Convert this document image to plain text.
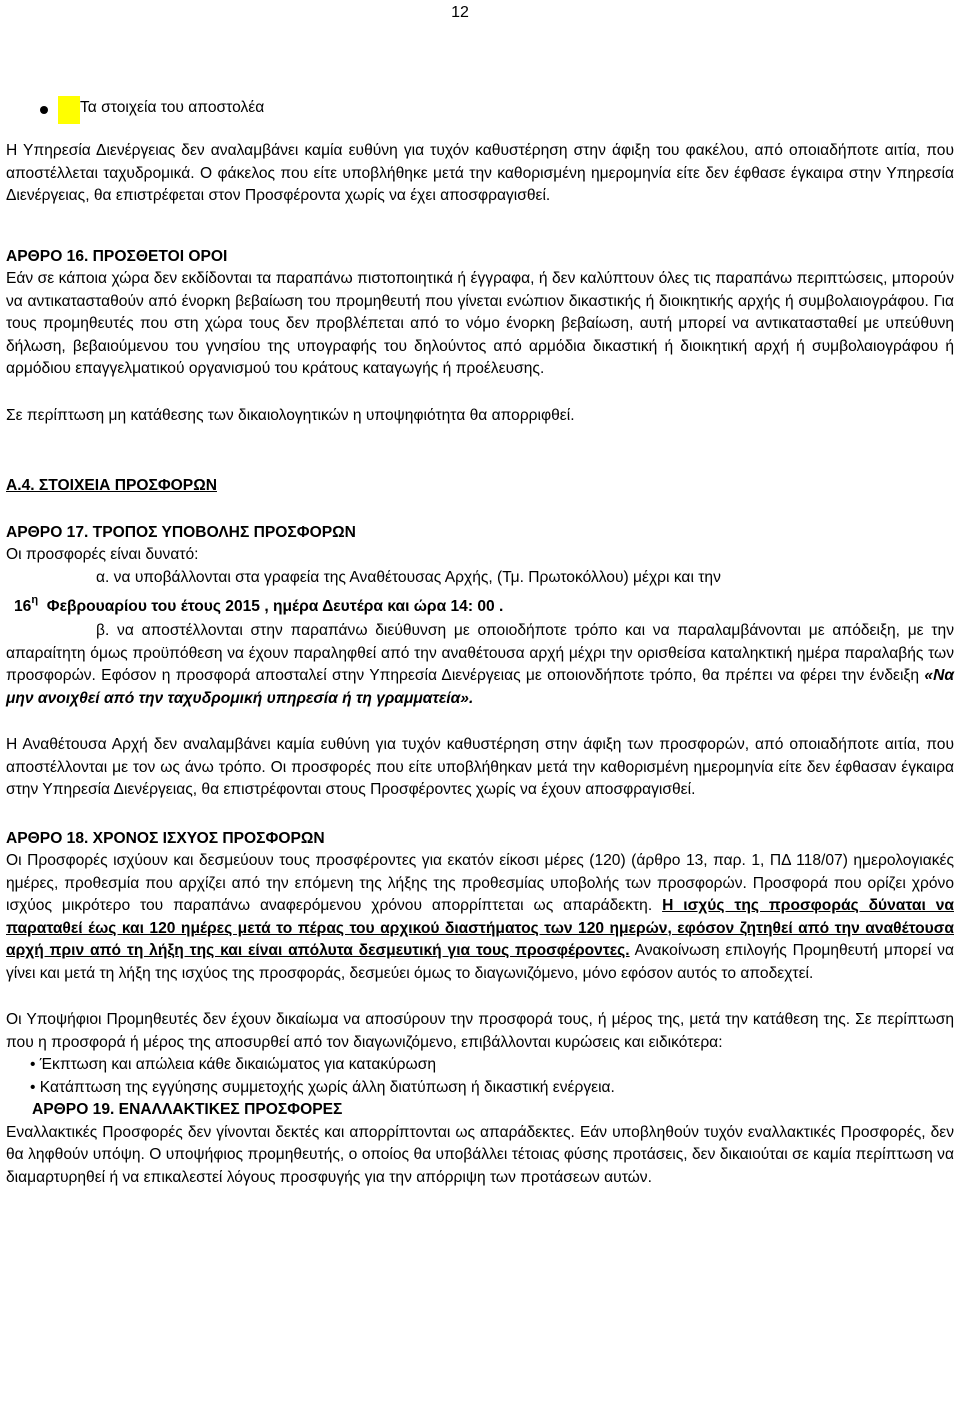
12
Τα στοιχεία του αποστολέα

Η Υπηρεσία Διενέργειας δεν αναλαμβάνει καμία ευθύνη για τυχόν καθυστέρηση στην άφιξη του φακέλου, από οποιαδήποτε αιτία, που αποστέλλεται ταχυδρομικά. Ο φάκελος που είτε υποβλήθηκε μετά την καθορισμένη ημερομηνία είτε δεν έφθασε έγκαιρα στην Υπηρεσία Διενέργειας, θα επιστρέφεται στον Προσφέροντα χωρίς να έχει αποσφραγισθεί.

ΑΡΘΡΟ 16. ΠΡΟΣΘΕΤΟΙ ΟΡΟΙ

Εάν σε κάποια χώρα δεν εκδίδονται τα παραπάνω πιστοποιητικά ή έγγραφα, ή δεν καλύπτουν όλες τις παραπάνω περιπτώσεις, μπορούν να αντικατασταθούν από ένορκη βεβαίωση του προμηθευτή που γίνεται ενώπιον δικαστικής ή διοικητικής αρχής ή συμβολαιογράφου. Για τους προμηθευτές που στη χώρα τους δεν προβλέπεται από το νόμο ένορκη βεβαίωση, αυτή μπορεί να αντικατασταθεί με υπεύθυνη δήλωση, βεβαιούμενου του γνησίου της υπογραφής του δηλούντος από αρμόδια δικαστική ή διοικητική αρχή ή συμβολαιογράφου ή αρμόδιου επαγγελματικού οργανισμού του κράτους καταγωγής ή προέλευσης.

Σε περίπτωση μη κατάθεσης των δικαιολογητικών η υποψηφιότητα θα απορριφθεί.

Α.4. ΣΤΟΙΧΕΙΑ ΠΡΟΣΦΟΡΩΝ

ΑΡΘΡΟ 17. ΤΡΟΠΟΣ ΥΠΟΒΟΛΗΣ ΠΡΟΣΦΟΡΩΝ

Οι προσφορές είναι δυνατό:

α. να υποβάλλονται στα γραφεία της Αναθέτουσας Αρχής, (Τμ. Πρωτοκόλλου) μέχρι και την

$16^\eta$ Φεβρουαρίου του έτους 2015 , ημέρα Δευτέρα και ώρα 14: 00 .

β. να αποστέλλονται στην παραπάνω διεύθυνση με οποιοδήποτε τρόπο και να παραλαμβάνονται με απόδειξη, με την απαραίτητη όμως προϋπόθεση να έχουν παραληφθεί από την αναθέτουσα αρχή μέχρι την ορισθείσα καταληκτική ημέρα παραλαβής των προσφορών. Εφόσον η προσφορά αποσταλεί στην Υπηρεσία Διενέργειας με οποιονδήποτε τρόπο, θα πρέπει να φέρει την ένδειξη «Να μην ανοιχθεί από την ταχυδρομική υπηρεσία ή τη γραμματεία».

Η Αναθέτουσα Αρχή δεν αναλαμβάνει καμία ευθύνη για τυχόν καθυστέρηση στην άφιξη των προσφορών, από οποιαδήποτε αιτία, που αποστέλλονται με τον ως άνω τρόπο. Οι προσφορές που είτε υποβλήθηκαν μετά την καθορισμένη ημερομηνία είτε δεν έφθασαν έγκαιρα στην Υπηρεσία Διενέργειας, θα επιστρέφονται στους Προσφέροντες χωρίς να έχουν αποσφραγισθεί.

ΑΡΘΡΟ 18. ΧΡΟΝΟΣ ΙΣΧΥΟΣ ΠΡΟΣΦΟΡΩΝ

Οι Προσφορές ισχύουν και δεσμεύουν τους προσφέροντες για εκατόν είκοσι μέρες (120) (άρθρο 13, παρ. 1, ΠΔ 118/07) ημερολογιακές ημέρες, προθεσμία που αρχίζει από την επόμενη της λήξης της προθεσμίας υποβολής των προσφορών. Προσφορά που ορίζει χρόνο ισχύος μικρότερο του παραπάνω αναφερόμενου χρόνου απορρίπτεται ως απαράδεκτη. Η ισχύς της προσφοράς δύναται να παραταθεί έως και 120 ημέρες μετά το πέρας του αρχικού διαστήματος των 120 ημερών, εφόσον ζητηθεί από την αναθέτουσα αρχή πριν από τη λήξη της και είναι απόλυτα δεσμευτική για τους προσφέροντες. Ανακοίνωση επιλογής Προμηθευτή μπορεί να γίνει και μετά τη λήξη της ισχύος της προσφοράς, δεσμεύει όμως το διαγωνιζόμενο, μόνο εφόσον αυτός το αποδεχτεί.

Οι Υποψήφιοι Προμηθευτές δεν έχουν δικαίωμα να αποσύρουν την προσφορά τους, ή μέρος της, μετά την κατάθεση της. Σε περίπτωση που η προσφορά ή μέρος της αποσυρθεί από τον διαγωνιζόμενο, επιβάλλονται κυρώσεις και ειδικότερα:

• Έκπτωση και απώλεια κάθε δικαιώματος για κατακύρωση

• Κατάπτωση της εγγύησης συμμετοχής χωρίς άλλη διατύπωση ή δικαστική ενέργεια.

ΑΡΘΡΟ 19. ΕΝΑΛΛΑΚΤΙΚΕΣ ΠΡΟΣΦΟΡΕΣ

Εναλλακτικές Προσφορές δεν γίνονται δεκτές και απορρίπτονται ως απαράδεκτες. Εάν υποβληθούν τυχόν εναλλακτικές Προσφορές, δεν θα ληφθούν υπόψη. Ο υποψήφιος προμηθευτής, ο οποίος θα υποβάλλει τέτοιας φύσης προτάσεις, δεν δικαιούται σε καμία περίπτωση να διαμαρτυρηθεί ή να επικαλεστεί λόγους προσφυγής για την απόρριψη των προτάσεων αυτών.
